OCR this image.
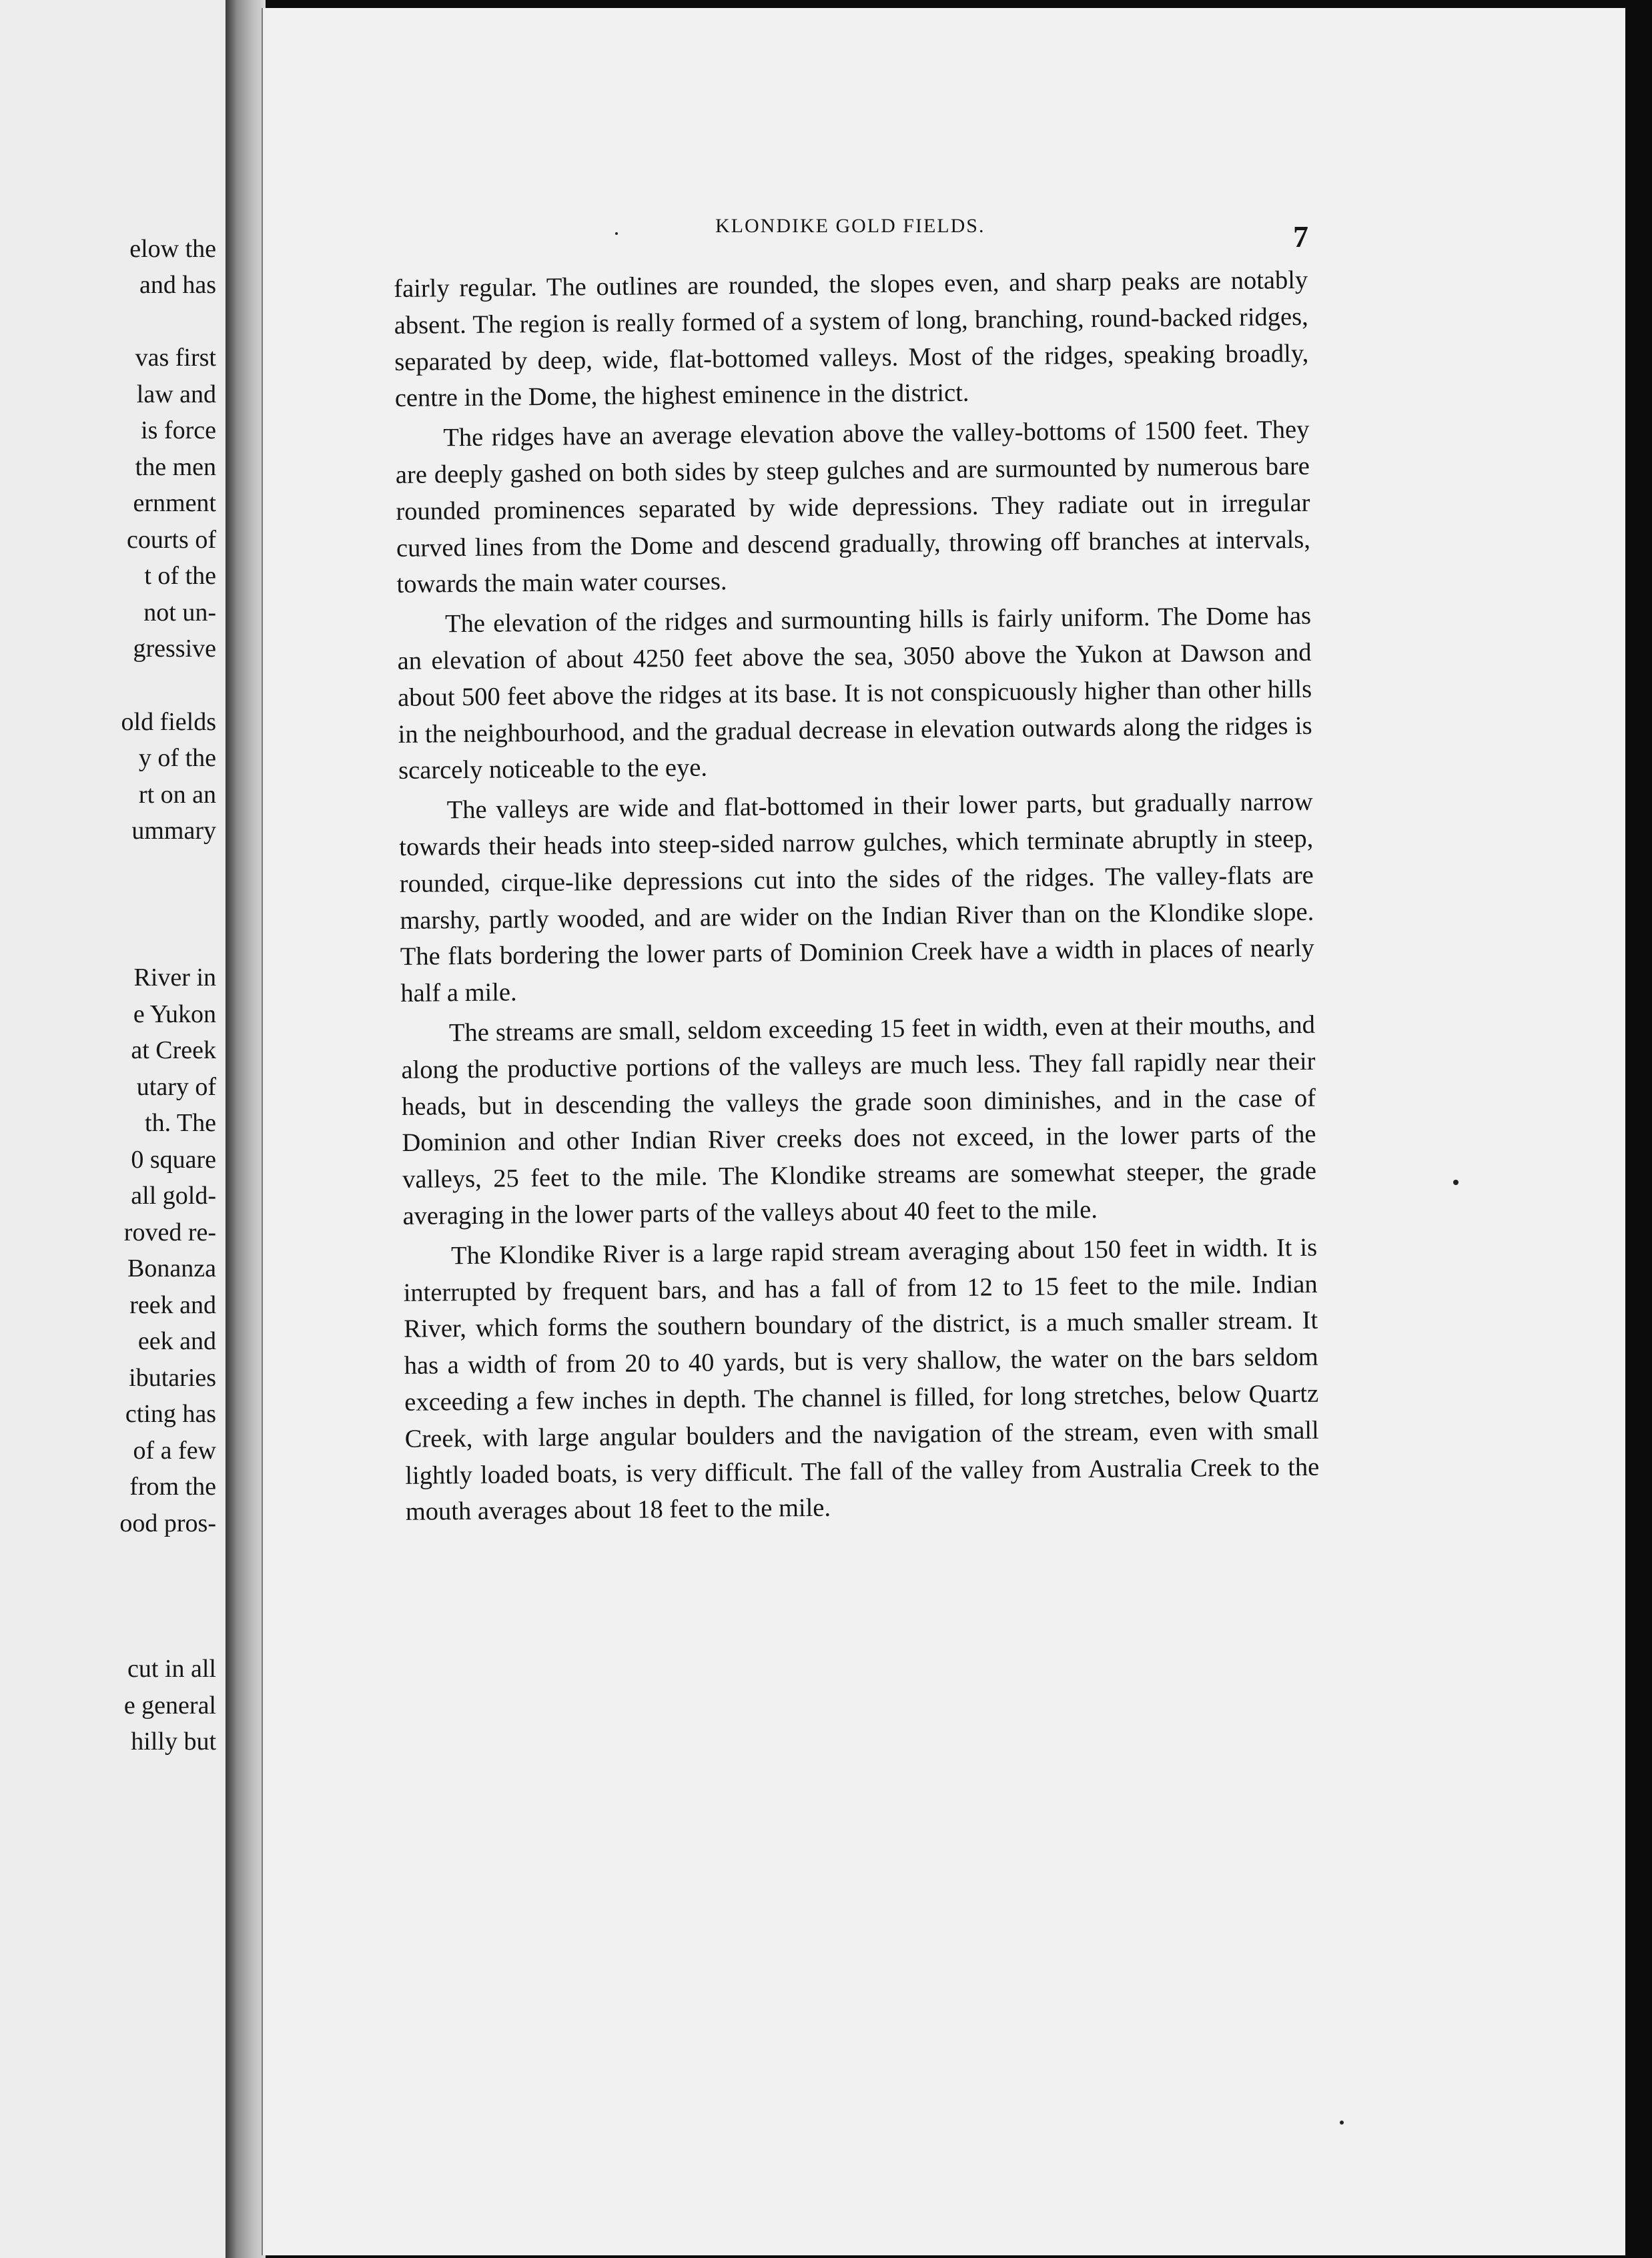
elow the
and has
vas first
law and
is force
the men
ernment
courts of
t of the
not un-
gressive
old fields
y of the
rt on an
ummary
River in
e Yukon
at Creek
utary of
th. The
0 square
all gold-
roved re-
Bonanza
reek and
eek and
ibutaries
cting has
of a few
from the
ood pros-
cut in all
e general
hilly but
KLONDIKE GOLD FIELDS.	7

fairly regular. The outlines are rounded, the slopes even, and sharp peaks are notably absent. The region is really formed of a system of long, branching, round-backed ridges, separated by deep, wide, flat-bottomed valleys. Most of the ridges, speaking broadly, centre in the Dome, the highest eminence in the district.

The ridges have an average elevation above the valley-bottoms of 1500 feet. They are deeply gashed on both sides by steep gulches and are surmounted by numerous bare rounded prominences separated by wide depressions. They radiate out in irregular curved lines from the Dome and descend gradually, throwing off branches at intervals, towards the main water courses.

The elevation of the ridges and surmounting hills is fairly uniform. The Dome has an elevation of about 4250 feet above the sea, 3050 above the Yukon at Dawson and about 500 feet above the ridges at its base. It is not conspicuously higher than other hills in the neighbourhood, and the gradual decrease in elevation outwards along the ridges is scarcely noticeable to the eye.

The valleys are wide and flat-bottomed in their lower parts, but gradually narrow towards their heads into steep-sided narrow gulches, which terminate abruptly in steep, rounded, cirque-like depressions cut into the sides of the ridges. The valley-flats are marshy, partly wooded, and are wider on the Indian River than on the Klondike slope. The flats bordering the lower parts of Dominion Creek have a width in places of nearly half a mile.

The streams are small, seldom exceeding 15 feet in width, even at their mouths, and along the productive portions of the valleys are much less. They fall rapidly near their heads, but in descending the valleys the grade soon diminishes, and in the case of Dominion and other Indian River creeks does not exceed, in the lower parts of the valleys, 25 feet to the mile. The Klondike streams are somewhat steeper, the grade averaging in the lower parts of the valleys about 40 feet to the mile.

The Klondike River is a large rapid stream averaging about 150 feet in width. It is interrupted by frequent bars, and has a fall of from 12 to 15 feet to the mile. Indian River, which forms the southern boundary of the district, is a much smaller stream. It has a width of from 20 to 40 yards, but is very shallow, the water on the bars seldom exceeding a few inches in depth. The channel is filled, for long stretches, below Quartz Creek, with large angular boulders and the navigation of the stream, even with small lightly loaded boats, is very difficult. The fall of the valley from Australia Creek to the mouth averages about 18 feet to the mile.
